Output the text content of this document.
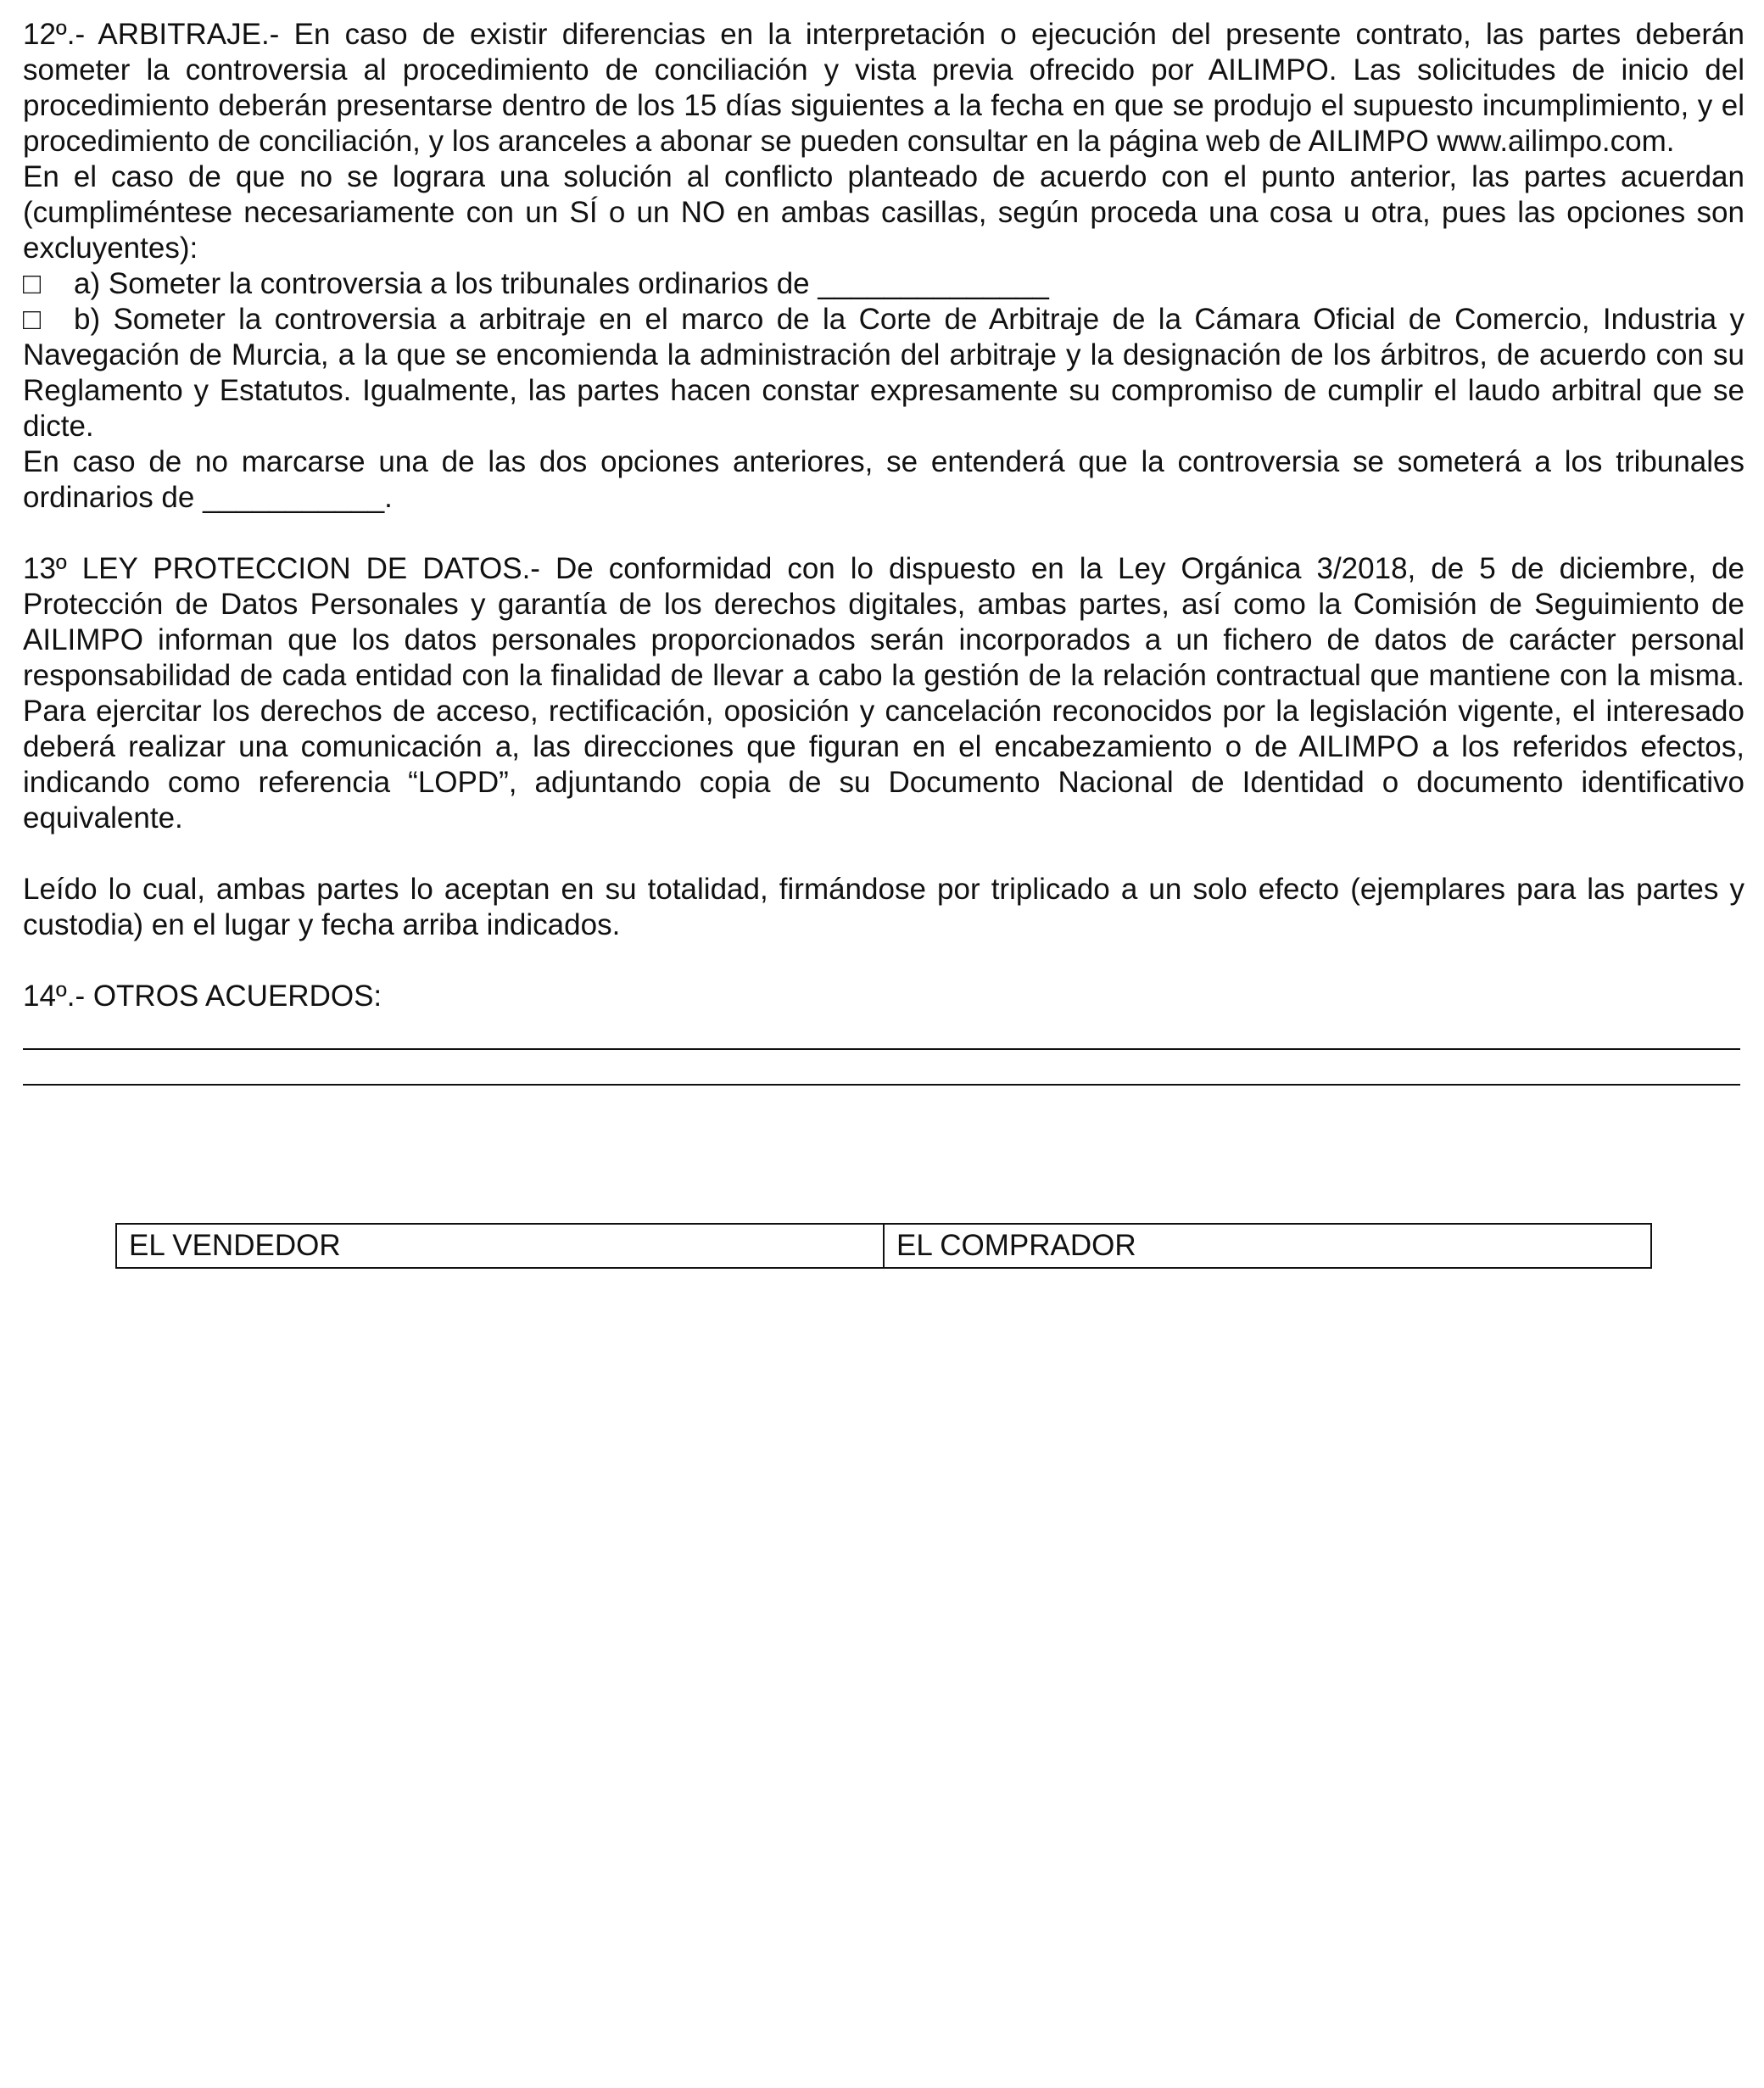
12º.- ARBITRAJE.- En caso de existir diferencias en la interpretación o ejecución del presente contrato, las partes deberán someter la controversia al procedimiento de conciliación y vista previa ofrecido por AILIMPO. Las solicitudes de inicio del procedimiento deberán presentarse dentro de los 15 días siguientes a la fecha en que se produjo el supuesto incumplimiento, y el procedimiento de conciliación, y los aranceles a abonar se pueden consultar en la página web de AILIMPO www.ailimpo.com.

En el caso de que no se lograra una solución al conflicto planteado de acuerdo con el punto anterior, las partes acuerdan (cumpliméntese necesariamente con un SÍ o un NO en ambas casillas, según proceda una cosa u otra, pues las opciones son excluyentes):

□ a) Someter la controversia a los tribunales ordinarios de ______________

□ b) Someter la controversia a arbitraje en el marco de la Corte de Arbitraje de la Cámara Oficial de Comercio, Industria y Navegación de Murcia, a la que se encomienda la administración del arbitraje y la designación de los árbitros, de acuerdo con su Reglamento y Estatutos. Igualmente, las partes hacen constar expresamente su compromiso de cumplir el laudo arbitral que se dicte.

En caso de no marcarse una de las dos opciones anteriores, se entenderá que la controversia se someterá a los tribunales ordinarios de ___________.

13º LEY PROTECCION DE DATOS.- De conformidad con lo dispuesto en la Ley Orgánica 3/2018, de 5 de diciembre, de Protección de Datos Personales y garantía de los derechos digitales, ambas partes, así como la Comisión de Seguimiento de AILIMPO informan que los datos personales proporcionados serán incorporados a un fichero de datos de carácter personal responsabilidad de cada entidad con la finalidad de llevar a cabo la gestión de la relación contractual que mantiene con la misma. Para ejercitar los derechos de acceso, rectificación, oposición y cancelación reconocidos por la legislación vigente, el interesado deberá realizar una comunicación a, las direcciones que figuran en el encabezamiento o de AILIMPO a los referidos efectos, indicando como referencia “LOPD”, adjuntando copia de su Documento Nacional de Identidad o documento identificativo equivalente.

Leído lo cual, ambas partes lo aceptan en su totalidad, firmándose por triplicado a un solo efecto (ejemplares para las partes y custodia) en el lugar y fecha arriba indicados.

14º.- OTROS ACUERDOS:

EL VENDEDOR	EL COMPRADOR
